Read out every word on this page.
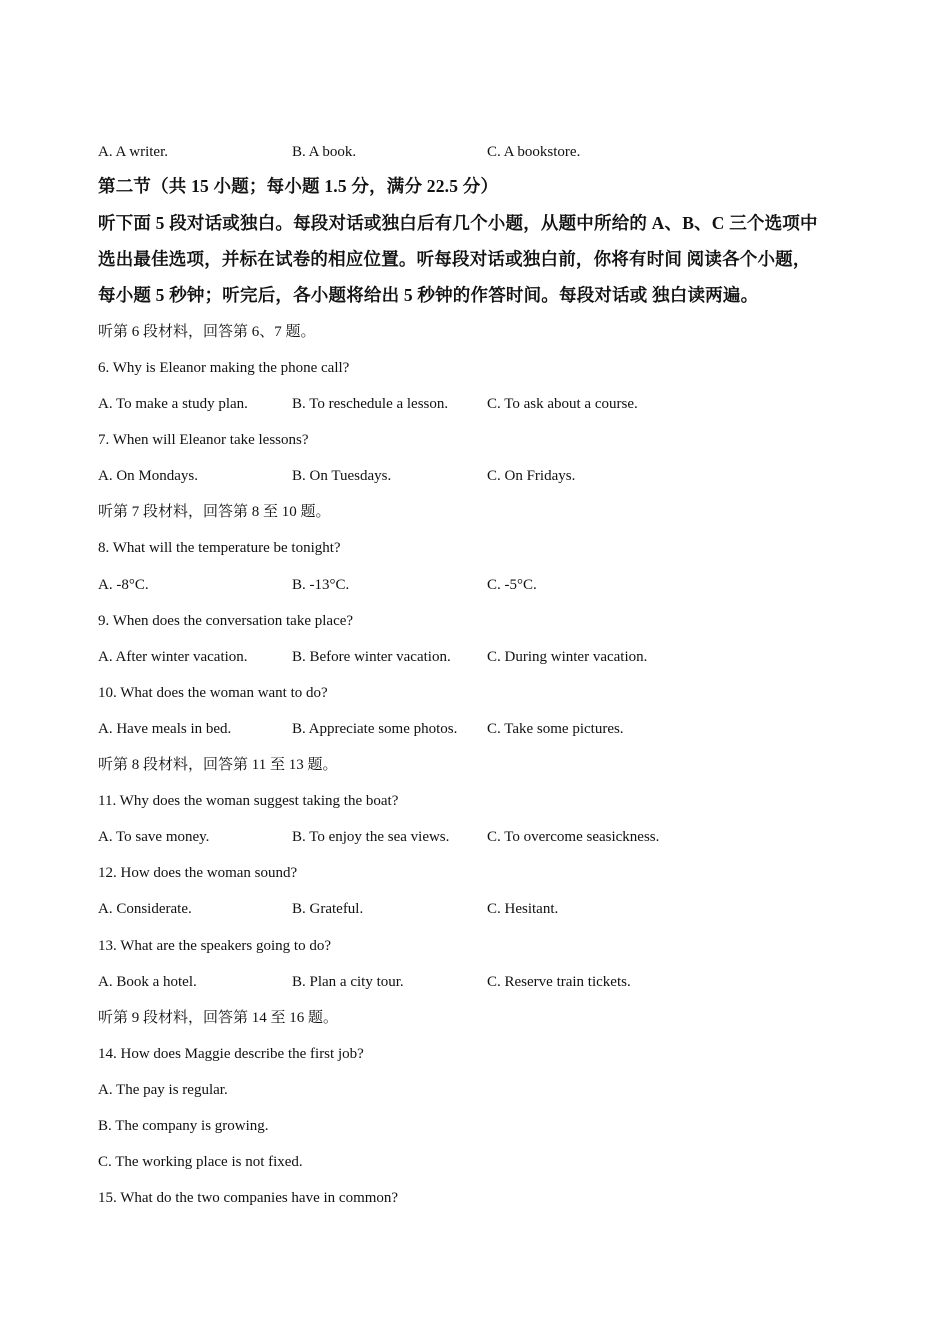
A. A writer.	B. A book.	C. A bookstore.
第二节（共 15 小题；每小题 1.5 分，满分 22.5 分）
听下面 5 段对话或独白。每段对话或独白后有几个小题，从题中所给的 A、B、C 三个选项中
选出最佳选项，并标在试卷的相应位置。听每段对话或独白前，你将有时间 阅读各个小题，
每小题 5 秒钟；听完后，各小题将给出 5 秒钟的作答时间。每段对话或 独白读两遍。
听第 6 段材料，回答第 6、7 题。
6. Why is Eleanor making the phone call?
A. To make a study plan.	B. To reschedule a lesson.	C. To ask about a course.
7. When will Eleanor take lessons?
A. On Mondays.	B. On Tuesdays.	C. On Fridays.
听第 7 段材料，回答第 8 至 10 题。
8. What will the temperature be tonight?
A. -8°C.	B. -13°C.	C. -5°C.
9. When does the conversation take place?
A. After winter vacation.	B. Before winter vacation. C. During winter vacation.
10. What does the woman want to do?
A. Have meals in bed.	B. Appreciate some photos. C. Take some pictures.
听第 8 段材料，回答第 11 至 13 题。
11. Why does the woman suggest taking the boat?
A. To save money.	B. To enjoy the sea views.	C. To overcome seasickness.
12. How does the woman sound?
A. Considerate.	B. Grateful.	C. Hesitant.
13. What are the speakers going to do?
A. Book a hotel.	B. Plan a city tour.	C. Reserve train tickets.
听第 9 段材料，回答第 14 至 16 题。
14. How does Maggie describe the first job?
A. The pay is regular.
B. The company is growing.
C. The working place is not fixed.
15. What do the two companies have in common?
